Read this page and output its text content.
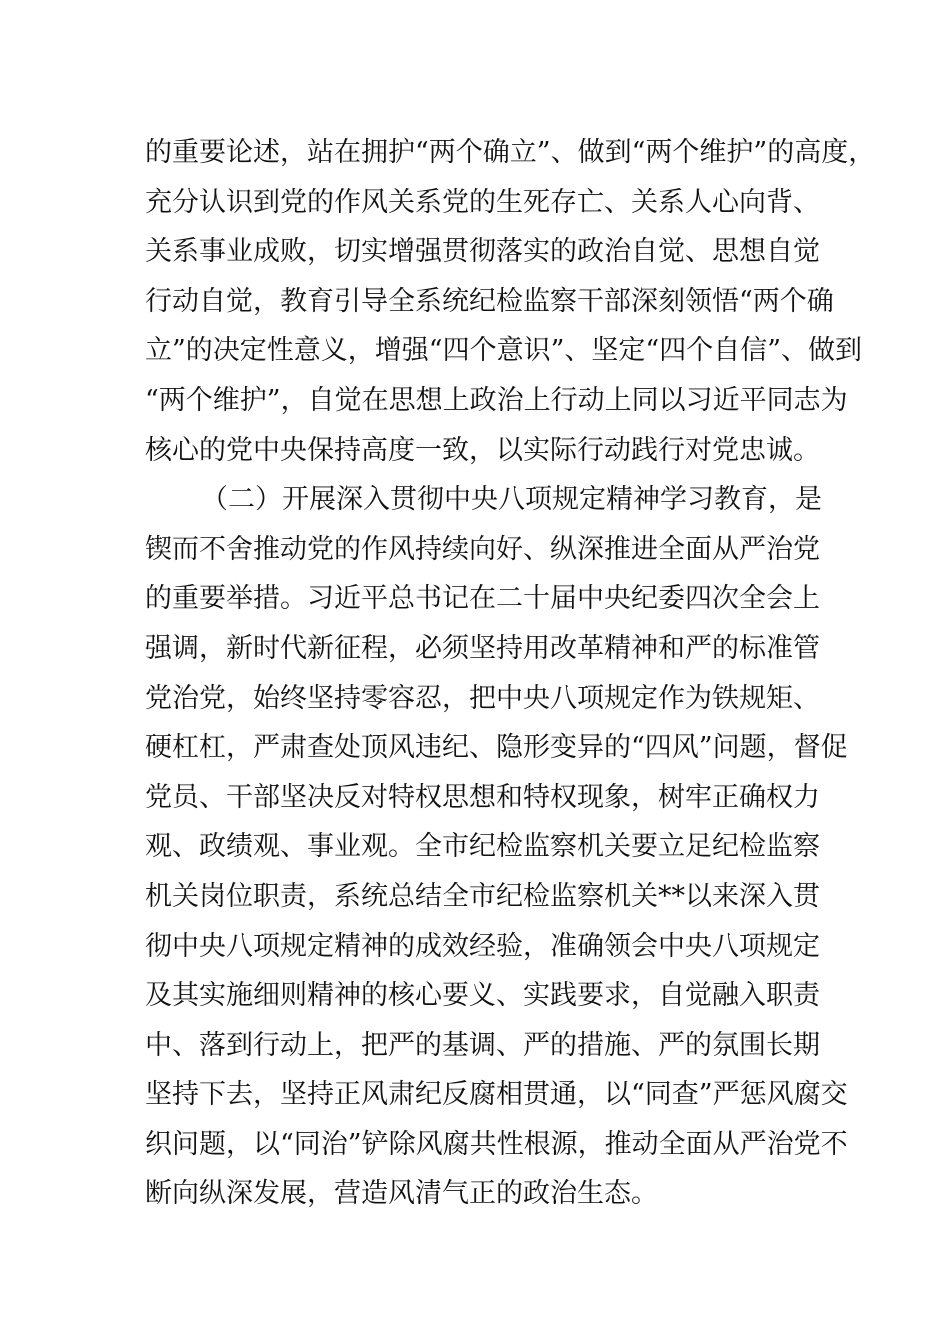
的重要论述，站在拥护“两个确立”、做到“两个维护”的高度，
充分认识到党的作风关系党的生死存亡、关系人心向背、
关系事业成败，切实增强贯彻落实的政治自觉、思想自觉
行动自觉，教育引导全系统纪检监察干部深刻领悟“两个确
立”的决定性意义，增强“四个意识”、坚定“四个自信”、做到
“两个维护”，自觉在思想上政治上行动上同以习近平同志为
核心的党中央保持高度一致，以实际行动践行对党忠诚。
（二）开展深入贯彻中央八项规定精神学习教育，是
锲而不舍推动党的作风持续向好、纵深推进全面从严治党
的重要举措。习近平总书记在二十届中央纪委四次全会上
强调，新时代新征程，必须坚持用改革精神和严的标准管
党治党，始终坚持零容忍，把中央八项规定作为铁规矩、
硬杠杠，严肃查处顶风违纪、隐形变异的“四风”问题，督促
党员、干部坚决反对特权思想和特权现象，树牢正确权力
观、政绩观、事业观。全市纪检监察机关要立足纪检监察
机关岗位职责，系统总结全市纪检监察机关**以来深入贯
彻中央八项规定精神的成效经验，准确领会中央八项规定
及其实施细则精神的核心要义、实践要求，自觉融入职责
中、落到行动上，把严的基调、严的措施、严的氛围长期
坚持下去，坚持正风肃纪反腐相贯通，以“同查”严惩风腐交
织问题，以“同治”铲除风腐共性根源，推动全面从严治党不
断向纵深发展，营造风清气正的政治生态。
